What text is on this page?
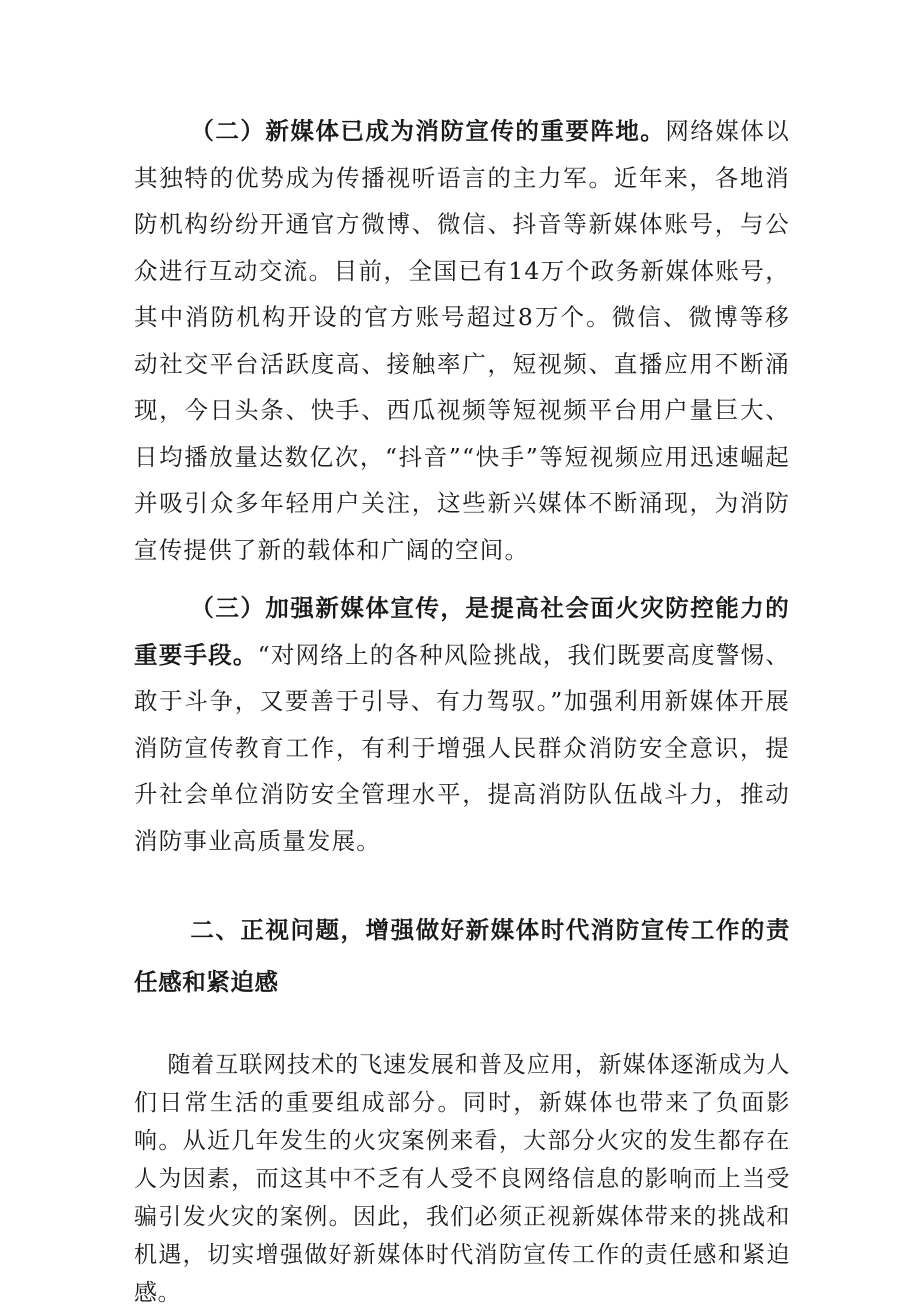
（二）新媒体已成为消防宣传的重要阵地。网络媒体以其独特的优势成为传播视听语言的主力军。近年来，各地消防机构纷纷开通官方微博、微信、抖音等新媒体账号，与公众进行互动交流。目前，全国已有14万个政务新媒体账号，其中消防机构开设的官方账号超过8万个。微信、微博等移动社交平台活跃度高、接触率广，短视频、直播应用不断涌现，今日头条、快手、西瓜视频等短视频平台用户量巨大、日均播放量达数亿次，“抖音”“快手”等短视频应用迅速崛起并吸引众多年轻用户关注，这些新兴媒体不断涌现，为消防宣传提供了新的载体和广阔的空间。

（三）加强新媒体宣传，是提高社会面火灾防控能力的重要手段。“对网络上的各种风险挑战，我们既要高度警惕、敢于斗争，又要善于引导、有力驾驭。”加强利用新媒体开展消防宣传教育工作，有利于增强人民群众消防安全意识，提升社会单位消防安全管理水平，提高消防队伍战斗力，推动消防事业高质量发展。

二、正视问题，增强做好新媒体时代消防宣传工作的责任感和紧迫感

随着互联网技术的飞速发展和普及应用，新媒体逐渐成为人们日常生活的重要组成部分。同时，新媒体也带来了负面影响。从近几年发生的火灾案例来看，大部分火灾的发生都存在人为因素，而这其中不乏有人受不良网络信息的影响而上当受骗引发火灾的案例。因此，我们必须正视新媒体带来的挑战和机遇，切实增强做好新媒体时代消防宣传工作的责任感和紧迫感。
